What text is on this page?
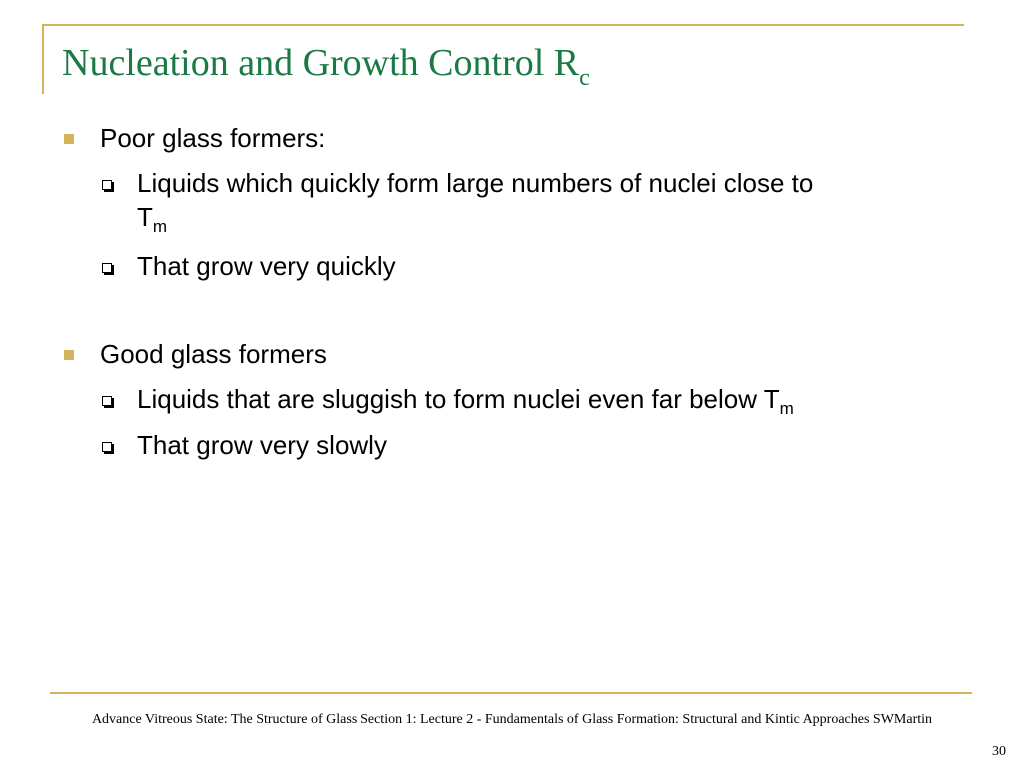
Nucleation and Growth Control $R_c$
Poor glass formers:
Liquids which quickly form large numbers of nuclei close to
$T_m$
That grow very quickly
Good glass formers
Liquids that are sluggish to form nuclei even far below $T_m$
That grow very slowly
Advance Vitreous State: The Structure of Glass Section 1: Lecture 2 - Fundamentals of Glass Formation: Structural and Kintic Approaches SWMartin
30
